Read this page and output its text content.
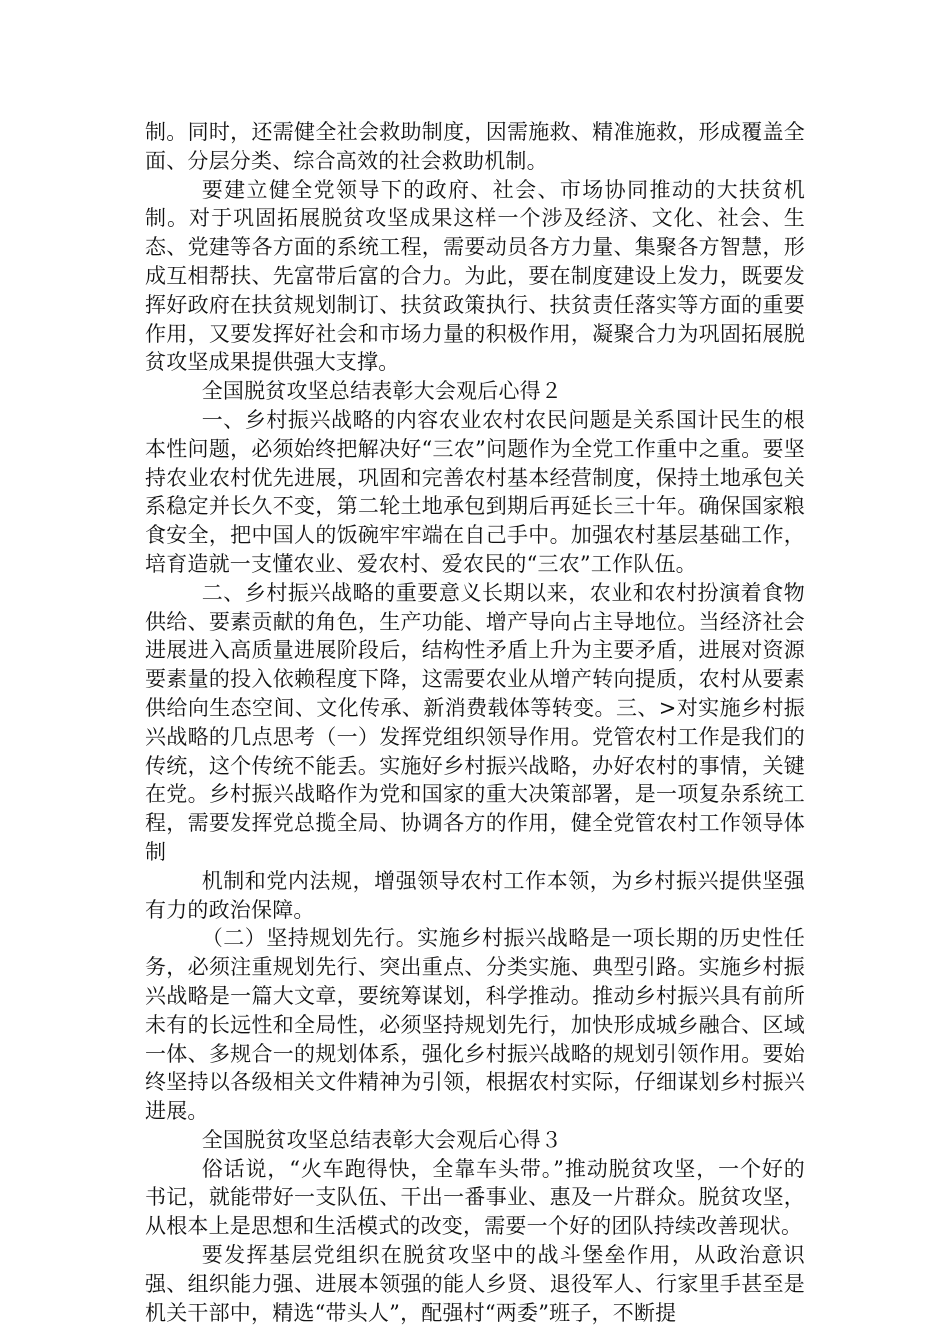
制。同时，还需健全社会救助制度，因需施救、精准施救，形成覆盖全面、分层分类、综合高效的社会救助机制。

要建立健全党领导下的政府、社会、市场协同推动的大扶贫机制。对于巩固拓展脱贫攻坚成果这样一个涉及经济、文化、社会、生态、党建等各方面的系统工程，需要动员各方力量、集聚各方智慧，形成互相帮扶、先富带后富的合力。为此，要在制度建设上发力，既要发挥好政府在扶贫规划制订、扶贫政策执行、扶贫责任落实等方面的重要作用，又要发挥好社会和市场力量的积极作用，凝聚合力为巩固拓展脱贫攻坚成果提供强大支撑。

全国脱贫攻坚总结表彰大会观后心得２

一、乡村振兴战略的内容农业农村农民问题是关系国计民生的根本性问题，必须始终把解决好“三农”问题作为全党工作重中之重。要坚持农业农村优先进展，巩固和完善农村基本经营制度，保持土地承包关系稳定并长久不变，第二轮土地承包到期后再延长三十年。确保国家粮食安全，把中国人的饭碗牢牢端在自己手中。加强农村基层基础工作，培育造就一支懂农业、爱农村、爱农民的“三农”工作队伍。

二、乡村振兴战略的重要意义长期以来，农业和农村扮演着食物供给、要素贡献的角色，生产功能、增产导向占主导地位。当经济社会进展进入高质量进展阶段后，结构性矛盾上升为主要矛盾，进展对资源要素量的投入依赖程度下降，这需要农业从增产转向提质，农村从要素供给向生态空间、文化传承、新消费载体等转变。三、>对实施乡村振兴战略的几点思考（一）发挥党组织领导作用。党管农村工作是我们的传统，这个传统不能丢。实施好乡村振兴战略，办好农村的事情，关键在党。乡村振兴战略作为党和国家的重大决策部署，是一项复杂系统工程，需要发挥党总揽全局、协调各方的作用，健全党管农村工作领导体制

机制和党内法规，增强领导农村工作本领，为乡村振兴提供坚强有力的政治保障。

（二）坚持规划先行。实施乡村振兴战略是一项长期的历史性任务，必须注重规划先行、突出重点、分类实施、典型引路。实施乡村振兴战略是一篇大文章，要统筹谋划，科学推动。推动乡村振兴具有前所未有的长远性和全局性，必须坚持规划先行，加快形成城乡融合、区域一体、多规合一的规划体系，强化乡村振兴战略的规划引领作用。要始终坚持以各级相关文件精神为引领，根据农村实际，仔细谋划乡村振兴进展。

全国脱贫攻坚总结表彰大会观后心得３

俗话说，“火车跑得快，全靠车头带。”推动脱贫攻坚，一个好的书记，就能带好一支队伍、干出一番事业、惠及一片群众。脱贫攻坚，从根本上是思想和生活模式的改变，需要一个好的团队持续改善现状。

要发挥基层党组织在脱贫攻坚中的战斗堡垒作用，从政治意识强、组织能力强、进展本领强的能人乡贤、退役军人、行家里手甚至是机关干部中，精选“带头人”，配强村“两委”班子，不断提
